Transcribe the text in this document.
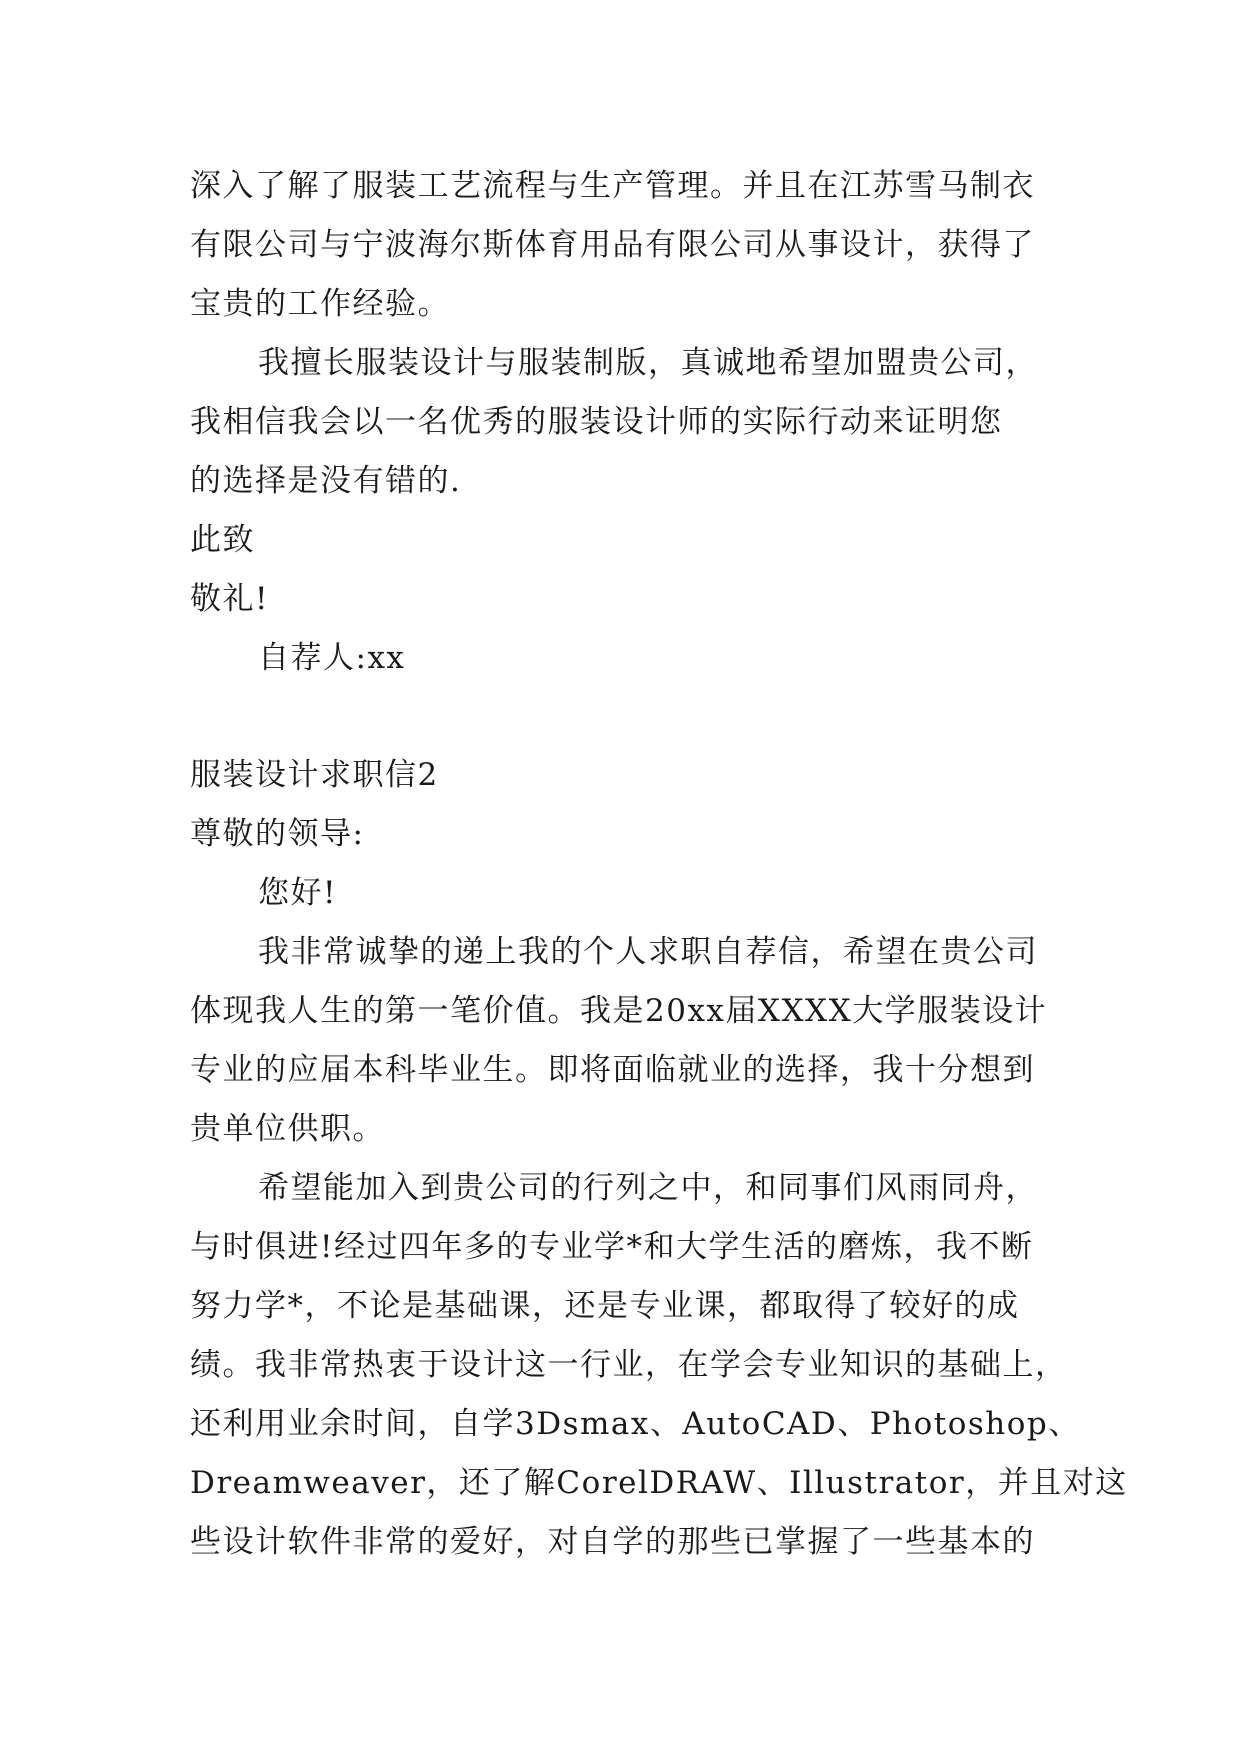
深入了解了服装工艺流程与生产管理。并且在江苏雪马制衣
有限公司与宁波海尔斯体育用品有限公司从事设计，获得了
宝贵的工作经验。
我擅长服装设计与服装制版，真诚地希望加盟贵公司，
我相信我会以一名优秀的服装设计师的实际行动来证明您
的选择是没有错的.
此致
敬礼!
自荐人:xx
服装设计求职信2
尊敬的领导:
您好!
我非常诚挚的递上我的个人求职自荐信，希望在贵公司
体现我人生的第一笔价值。我是20xx届XXXX大学服装设计
专业的应届本科毕业生。即将面临就业的选择，我十分想到
贵单位供职。
希望能加入到贵公司的行列之中，和同事们风雨同舟，
与时俱进!经过四年多的专业学*和大学生活的磨炼，我不断
努力学*，不论是基础课，还是专业课，都取得了较好的成
绩。我非常热衷于设计这一行业，在学会专业知识的基础上，
还利用业余时间，自学3Dsmax、AutoCAD、Photoshop、
Dreamweaver，还了解CorelDRAW、Illustrator，并且对这
些设计软件非常的爱好，对自学的那些已掌握了一些基本的
